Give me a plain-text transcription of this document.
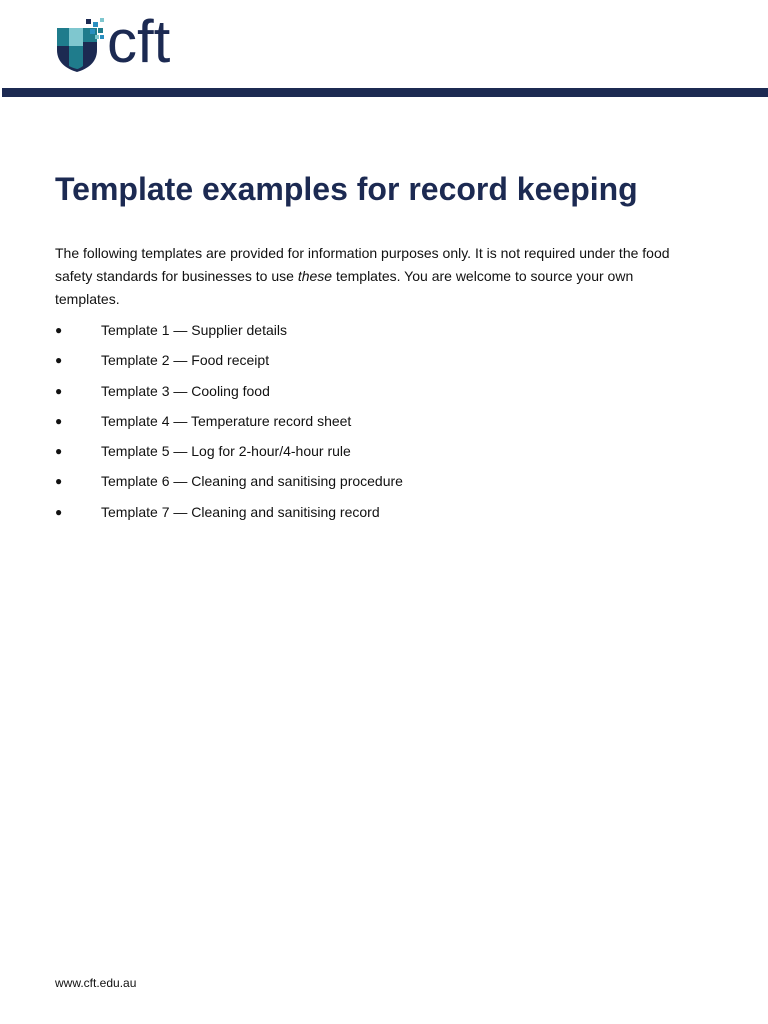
cft
Template examples for record keeping

The following templates are provided for information purposes only. It is not required under the food safety standards for businesses to use these templates. You are welcome to source your own templates.

●	Template 1 — Supplier details
●	Template 2 — Food receipt
●	Template 3 — Cooling food
●	Template 4 — Temperature record sheet
●	Template 5 — Log for 2-hour/4-hour rule
●	Template 6 — Cleaning and sanitising procedure
●	Template 7 — Cleaning and sanitising record
www.cft.edu.au
